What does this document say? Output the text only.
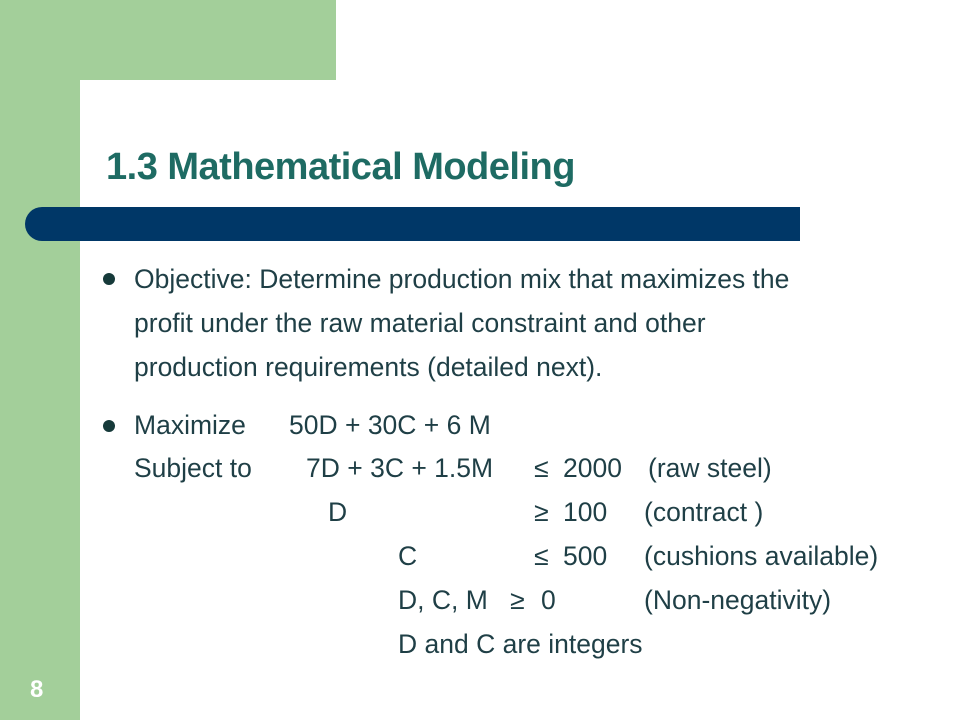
1.3 Mathematical Modeling
Objective: Determine production mix that maximizes the
profit under the raw material constraint and other
production requirements (detailed next).
Maximize 50D + 30C + 6 M
Subject to 7D + 3C + 1.5M ≤ 2000 (raw steel)
D	≥ 100 (contract )
C	≤ 500 (cushions available)
D, C, M ≥ 0	(Non-negativity)
D and C are integers
8
